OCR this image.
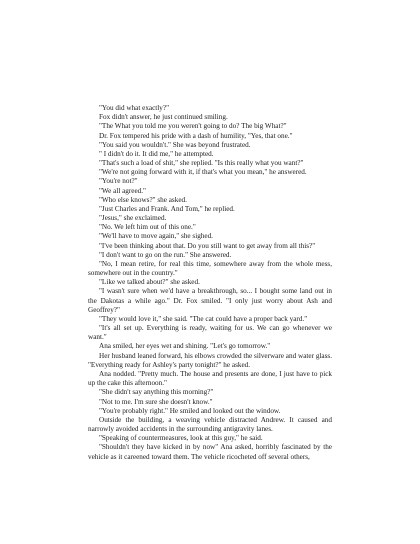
"You did what exactly?"

Fox didn't answer, he just continued smiling.

"The What you told me you weren't going to do? The big What?"

Dr. Fox tempered his pride with a dash of humility, "Yes, that one."

"You said you wouldn't." She was beyond frustrated.

" I didn't do it. It did me," he attempted.

"That's such a load of shit," she replied. "Is this really what you want?"

"We're not going forward with it, if that's what you mean," he answered.

"You're not?"

"We all agreed."

"Who else knows?" she asked.

"Just Charles and Frank. And Tom," he replied.

"Jesus," she exclaimed.

"No. We left him out of this one."

"We'll have to move again," she sighed.

"I've been thinking about that. Do you still want to get away from all this?"

"I don't want to go on the run." She answered.

"No, I mean retire, for real this time, somewhere away from the whole mess, somewhere out in the country."

"Like we talked about?" she asked.

"I wasn't sure when we'd have a breakthrough, so... I bought some land out in the Dakotas a while ago." Dr. Fox smiled. "I only just worry about Ash and Geoffrey?"

"They would love it," she said. "The cat could have a proper back yard."

"It's all set up. Everything is ready, waiting for us. We can go whenever we want."

Ana smiled, her eyes wet and shining. "Let's go tomorrow."

Her husband leaned forward, his elbows crowded the silverware and water glass. "Everything ready for Ashley's party tonight?" he asked.

Ana nodded. "Pretty much. The house and presents are done, I just have to pick up the cake this afternoon."

"She didn't say anything this morning?"

"Not to me. I'm sure she doesn't know."

"You're probably right." He smiled and looked out the window.

Outside the building, a weaving vehicle distracted Andrew. It caused and narrowly avoided accidents in the surrounding antigravity lanes.

"Speaking of countermeasures, look at this guy," he said.

"Shouldn't they have kicked in by now" Ana asked, horribly fascinated by the vehicle as it careened toward them. The vehicle ricocheted off several others,
